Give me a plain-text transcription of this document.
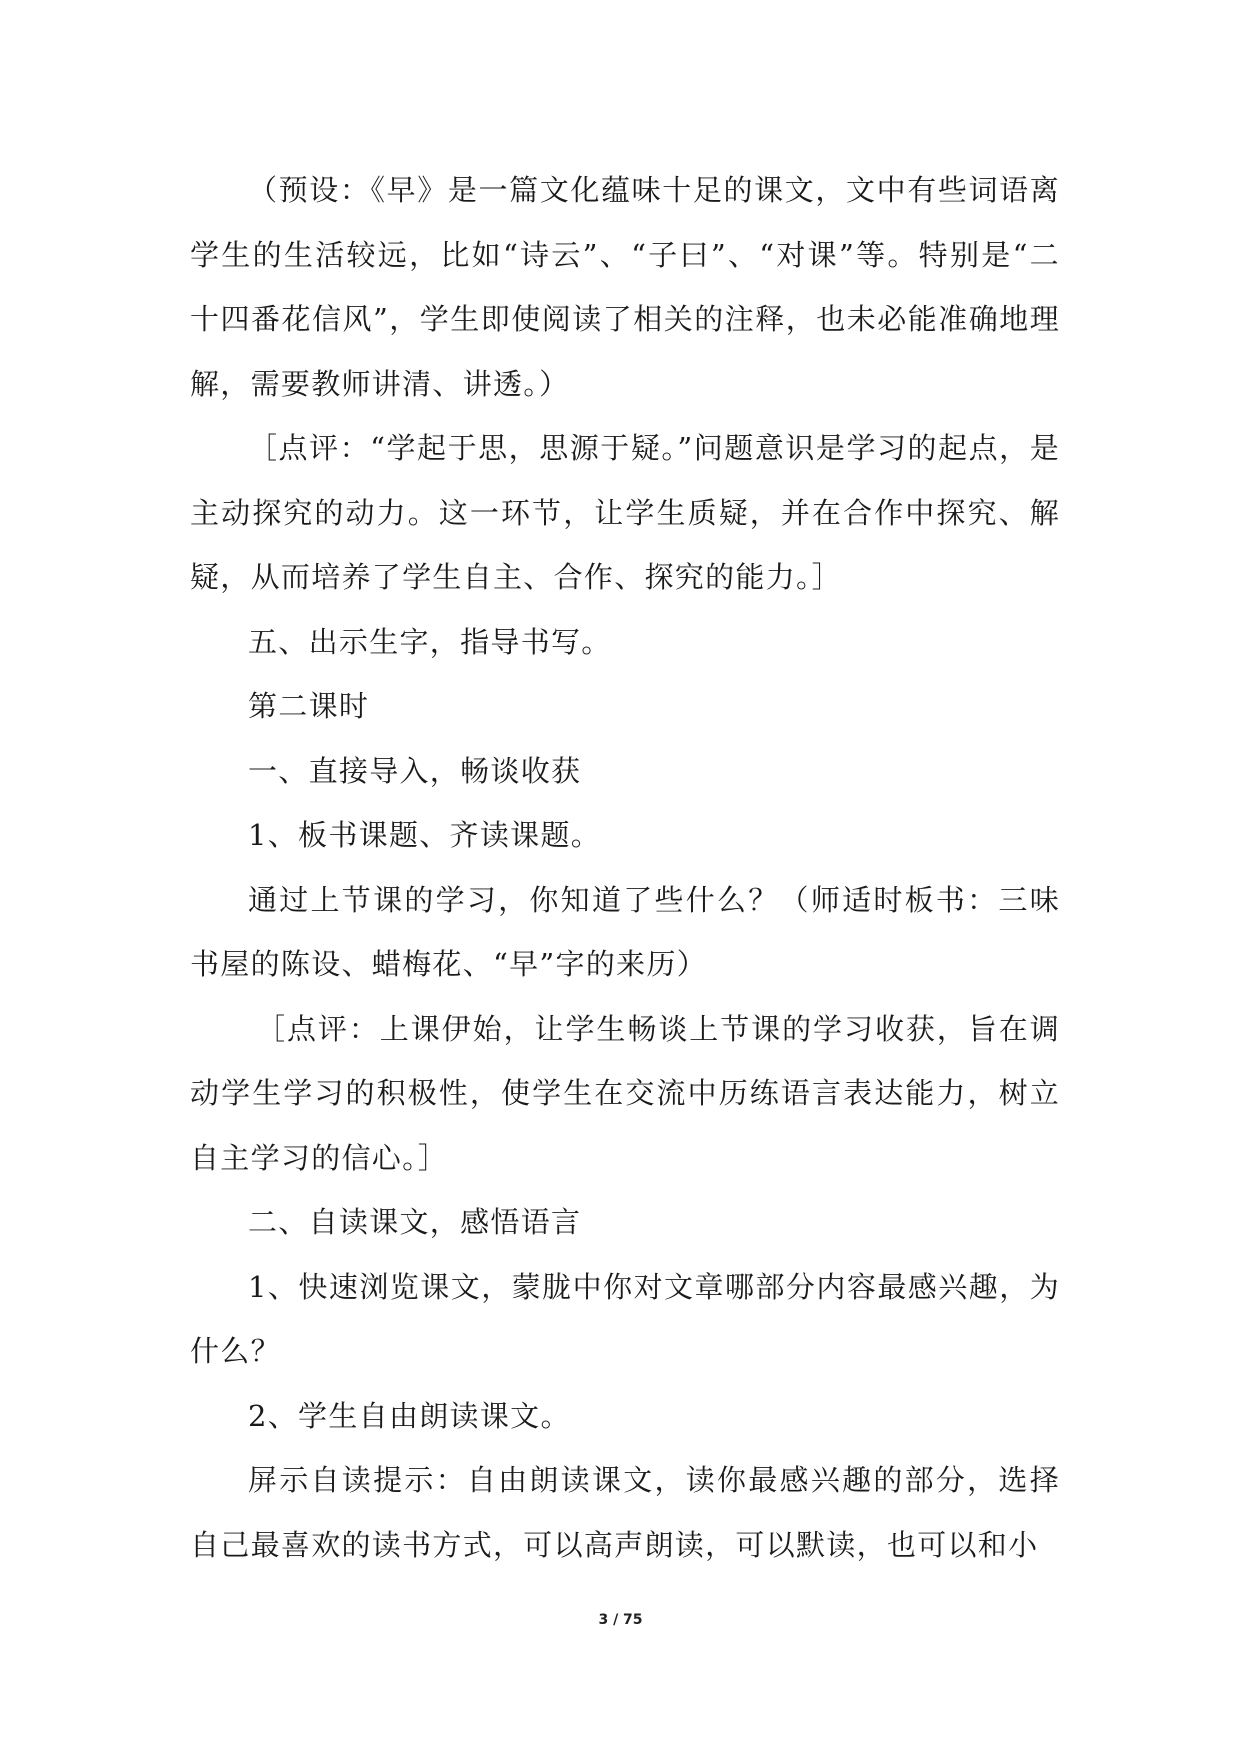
（预设：《早》是一篇文化蕴味十足的课文，文中有些词语离学生的生活较远，比如“诗云”、“子曰”、“对课”等。特别是“二十四番花信风”，学生即使阅读了相关的注释，也未必能准确地理解，需要教师讲清、讲透。）

［点评：“学起于思，思源于疑。”问题意识是学习的起点，是主动探究的动力。这一环节，让学生质疑，并在合作中探究、解疑，从而培养了学生自主、合作、探究的能力。］

五、出示生字，指导书写。

第二课时

一、直接导入，畅谈收获

1、板书课题、齐读课题。

通过上节课的学习，你知道了些什么？（师适时板书：三味书屋的陈设、蜡梅花、“早”字的来历）

［点评：上课伊始，让学生畅谈上节课的学习收获，旨在调动学生学习的积极性，使学生在交流中历练语言表达能力，树立自主学习的信心。］

二、自读课文，感悟语言

1、快速浏览课文，蒙胧中你对文章哪部分内容最感兴趣，为什么？

2、学生自由朗读课文。

屏示自读提示：自由朗读课文，读你最感兴趣的部分，选择自己最喜欢的读书方式，可以高声朗读，可以默读，也可以和小

3 / 75
